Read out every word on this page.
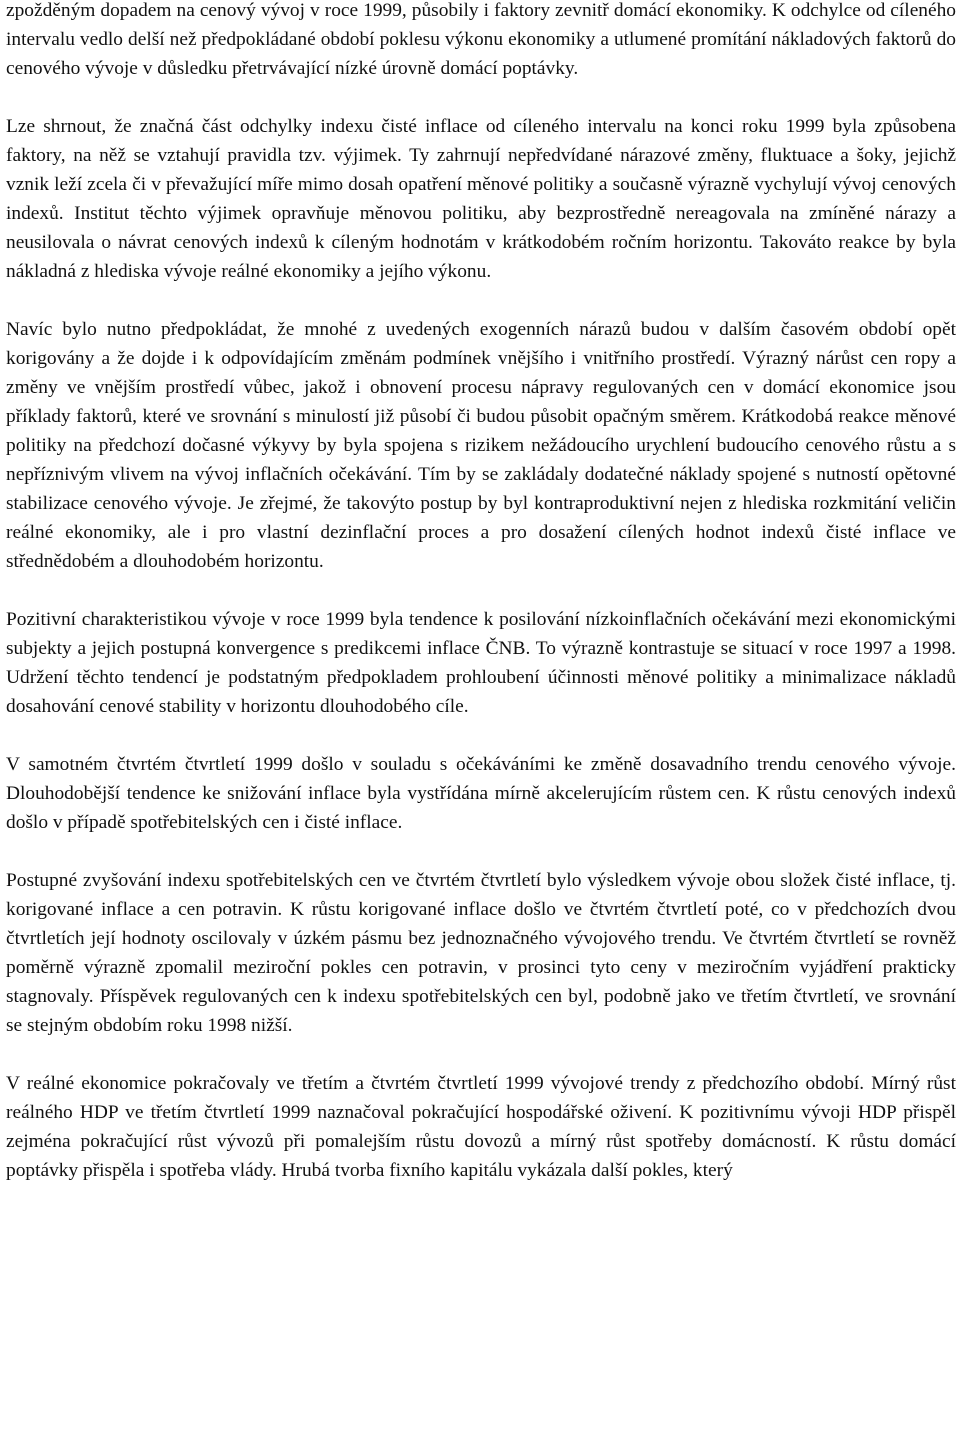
zpožděným dopadem na cenový vývoj v roce 1999, působily i faktory zevnitř domácí ekonomiky. K odchylce od cíleného intervalu vedlo delší než předpokládané období poklesu výkonu ekonomiky a utlumené promítání nákladových faktorů do cenového vývoje v důsledku přetrvávající nízké úrovně domácí poptávky.

Lze shrnout, že značná část odchylky indexu čisté inflace od cíleného intervalu na konci roku 1999 byla způsobena faktory, na něž se vztahují pravidla tzv. výjimek. Ty zahrnují nepředvídané nárazové změny, fluktuace a šoky, jejichž vznik leží zcela či v převažující míře mimo dosah opatření měnové politiky a současně výrazně vychylují vývoj cenových indexů. Institut těchto výjimek opravňuje měnovou politiku, aby bezprostředně nereagovala na zmíněné nárazy a neusilovala o návrat cenových indexů k cíleným hodnotám v krátkodobém ročním horizontu. Takováto reakce by byla nákladná z hlediska vývoje reálné ekonomiky a jejího výkonu.

Navíc bylo nutno předpokládat, že mnohé z uvedených exogenních nárazů budou v dalším časovém období opět korigovány a že dojde i k odpovídajícím změnám podmínek vnějšího i vnitřního prostředí. Výrazný nárůst cen ropy a změny ve vnějším prostředí vůbec, jakož i obnovení procesu nápravy regulovaných cen v domácí ekonomice jsou příklady faktorů, které ve srovnání s minulostí již působí či budou působit opačným směrem. Krátkodobá reakce měnové politiky na předchozí dočasné výkyvy by byla spojena s rizikem nežádoucího urychlení budoucího cenového růstu a s nepříznivým vlivem na vývoj inflačních očekávání. Tím by se zakládaly dodatečné náklady spojené s nutností opětovné stabilizace cenového vývoje. Je zřejmé, že takovýto postup by byl kontraproduktivní nejen z hlediska rozkmitání veličin reálné ekonomiky, ale i pro vlastní dezinflační proces a pro dosažení cílených hodnot indexů čisté inflace ve střednědobém a dlouhodobém horizontu.

Pozitivní charakteristikou vývoje v roce 1999 byla tendence k posilování nízkoinflačních očekávání mezi ekonomickými subjekty a jejich postupná konvergence s predikcemi inflace ČNB. To výrazně kontrastuje se situací v roce 1997 a 1998. Udržení těchto tendencí je podstatným předpokladem prohloubení účinnosti měnové politiky a minimalizace nákladů dosahování cenové stability v horizontu dlouhodobého cíle.

V samotném čtvrtém čtvrtletí 1999 došlo v souladu s očekáváními ke změně dosavadního trendu cenového vývoje. Dlouhodobější tendence ke snižování inflace byla vystřídána mírně akcelerujícím růstem cen. K růstu cenových indexů došlo v případě spotřebitelských cen i čisté inflace.

Postupné zvyšování indexu spotřebitelských cen ve čtvrtém čtvrtletí bylo výsledkem vývoje obou složek čisté inflace, tj. korigované inflace a cen potravin. K růstu korigované inflace došlo ve čtvrtém čtvrtletí poté, co v předchozích dvou čtvrtletích její hodnoty oscilovaly v úzkém pásmu bez jednoznačného vývojového trendu. Ve čtvrtém čtvrtletí se rovněž poměrně výrazně zpomalil meziroční pokles cen potravin, v prosinci tyto ceny v meziročním vyjádření prakticky stagnovaly. Příspěvek regulovaných cen k indexu spotřebitelských cen byl, podobně jako ve třetím čtvrtletí, ve srovnání se stejným obdobím roku 1998 nižší.

V reálné ekonomice pokračovaly ve třetím a čtvrtém čtvrtletí 1999 vývojové trendy z předchozího období. Mírný růst reálného HDP ve třetím čtvrtletí 1999 naznačoval pokračující hospodářské oživení. K pozitivnímu vývoji HDP přispěl zejména pokračující růst vývozů při pomalejším růstu dovozů a mírný růst spotřeby domácností. K růstu domácí poptávky přispěla i spotřeba vlády. Hrubá tvorba fixního kapitálu vykázala další pokles, který
